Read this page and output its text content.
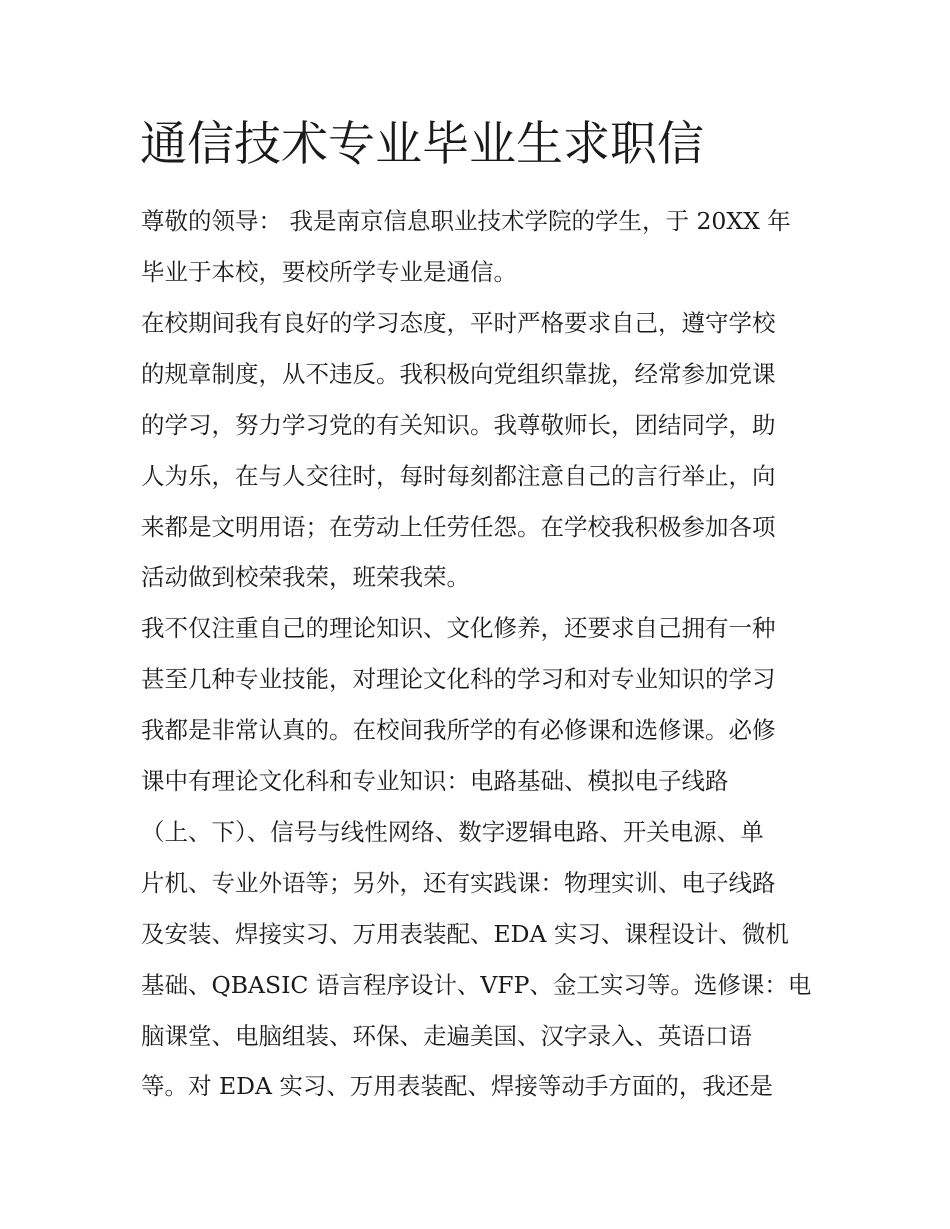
通信技术专业毕业生求职信

尊敬的领导： 我是南京信息职业技术学院的学生，于 20XX 年

毕业于本校，要校所学专业是通信。

在校期间我有良好的学习态度，平时严格要求自己，遵守学校

的规章制度，从不违反。我积极向党组织靠拢，经常参加党课

的学习，努力学习党的有关知识。我尊敬师长，团结同学，助

人为乐，在与人交往时，每时每刻都注意自己的言行举止，向

来都是文明用语；在劳动上任劳任怨。在学校我积极参加各项

活动做到校荣我荣，班荣我荣。

我不仅注重自己的理论知识、文化修养，还要求自己拥有一种

甚至几种专业技能，对理论文化科的学习和对专业知识的学习

我都是非常认真的。在校间我所学的有必修课和选修课。必修

课中有理论文化科和专业知识：电路基础、模拟电子线路

（上、下）、信号与线性网络、数字逻辑电路、开关电源、单

片机、专业外语等；另外，还有实践课：物理实训、电子线路

及安装、焊接实习、万用表装配、EDA 实习、课程设计、微机

基础、QBASIC 语言程序设计、VFP、金工实习等。选修课：电

脑课堂、电脑组装、环保、走遍美国、汉字录入、英语口语

等。对 EDA 实习、万用表装配、焊接等动手方面的，我还是
